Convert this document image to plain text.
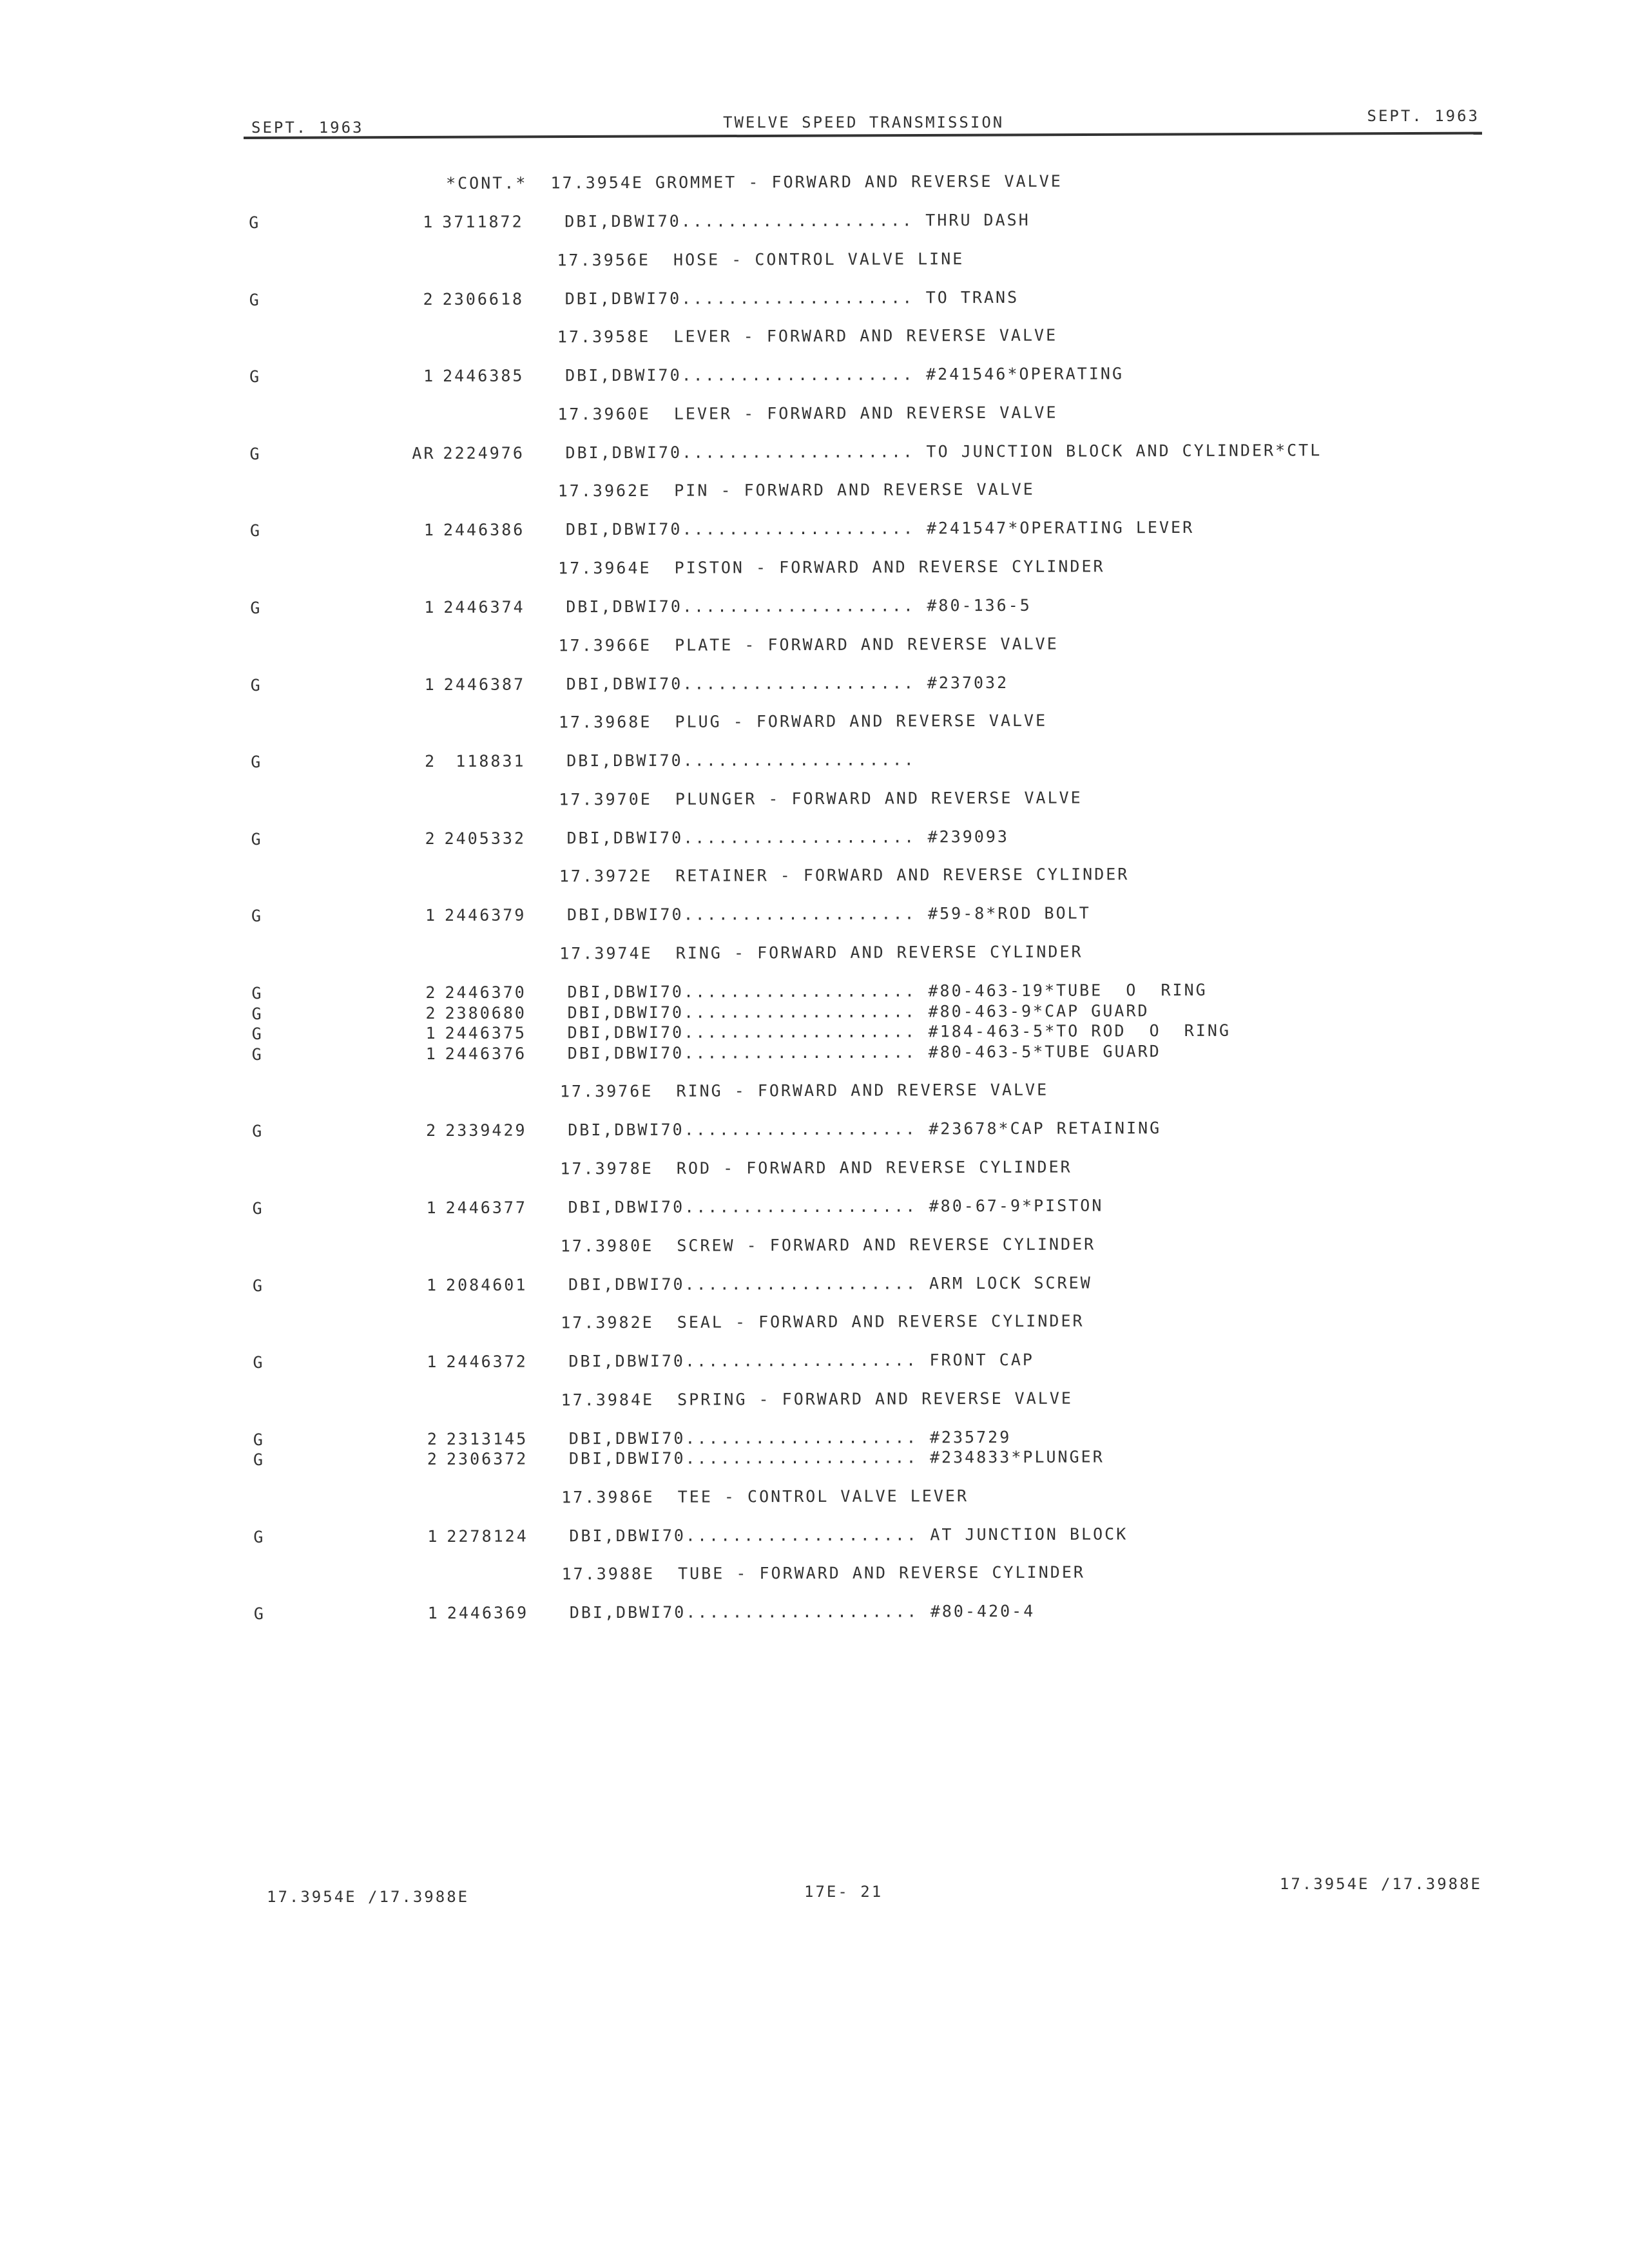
SEPT. 1963	TWELVE SPEED TRANSMISSION	SEPT. 1963
*CONT.*  17.3954E GROMMET - FORWARD AND REVERSE VALVE
G	1 3711872	DBI,DBWI70.................... THRU DASH
17.3956E  HOSE - CONTROL VALVE LINE
G	2 2306618	DBI,DBWI70.................... TO TRANS
17.3958E  LEVER - FORWARD AND REVERSE VALVE
G	1 2446385	DBI,DBWI70.................... #241546*OPERATING
17.3960E  LEVER - FORWARD AND REVERSE VALVE
G	AR 2224976	DBI,DBWI70.................... TO JUNCTION BLOCK AND CYLINDER*CTL
17.3962E  PIN - FORWARD AND REVERSE VALVE
G	1 2446386	DBI,DBWI70.................... #241547*OPERATING LEVER
17.3964E  PISTON - FORWARD AND REVERSE CYLINDER
G	1 2446374	DBI,DBWI70.................... #80-136-5
17.3966E  PLATE - FORWARD AND REVERSE VALVE
G	1 2446387	DBI,DBWI70.................... #237032
17.3968E  PLUG - FORWARD AND REVERSE VALVE
G	2 118831	DBI,DBWI70....................
17.3970E  PLUNGER - FORWARD AND REVERSE VALVE
G	2 2405332	DBI,DBWI70.................... #239093
17.3972E  RETAINER - FORWARD AND REVERSE CYLINDER
G	1 2446379	DBI,DBWI70.................... #59-8*ROD BOLT
17.3974E  RING - FORWARD AND REVERSE CYLINDER
G	2 2446370	DBI,DBWI70.................... #80-463-19*TUBE  O  RING
G	2 2380680	DBI,DBWI70.................... #80-463-9*CAP GUARD
G	1 2446375	DBI,DBWI70.................... #184-463-5*TO ROD  O  RING
G	1 2446376	DBI,DBWI70.................... #80-463-5*TUBE GUARD
17.3976E  RING - FORWARD AND REVERSE VALVE
G	2 2339429	DBI,DBWI70.................... #23678*CAP RETAINING
17.3978E  ROD - FORWARD AND REVERSE CYLINDER
G	1 2446377	DBI,DBWI70.................... #80-67-9*PISTON
17.3980E  SCREW - FORWARD AND REVERSE CYLINDER
G	1 2084601	DBI,DBWI70.................... ARM LOCK SCREW
17.3982E  SEAL - FORWARD AND REVERSE CYLINDER
G	1 2446372	DBI,DBWI70.................... FRONT CAP
17.3984E  SPRING - FORWARD AND REVERSE VALVE
G	2 2313145	DBI,DBWI70.................... #235729
G	2 2306372	DBI,DBWI70.................... #234833*PLUNGER
17.3986E  TEE - CONTROL VALVE LEVER
G	1 2278124	DBI,DBWI70.................... AT JUNCTION BLOCK
17.3988E  TUBE - FORWARD AND REVERSE CYLINDER
G	1 2446369	DBI,DBWI70.................... #80-420-4
17.3954E /17.3988E	17E- 21	17.3954E /17.3988E
